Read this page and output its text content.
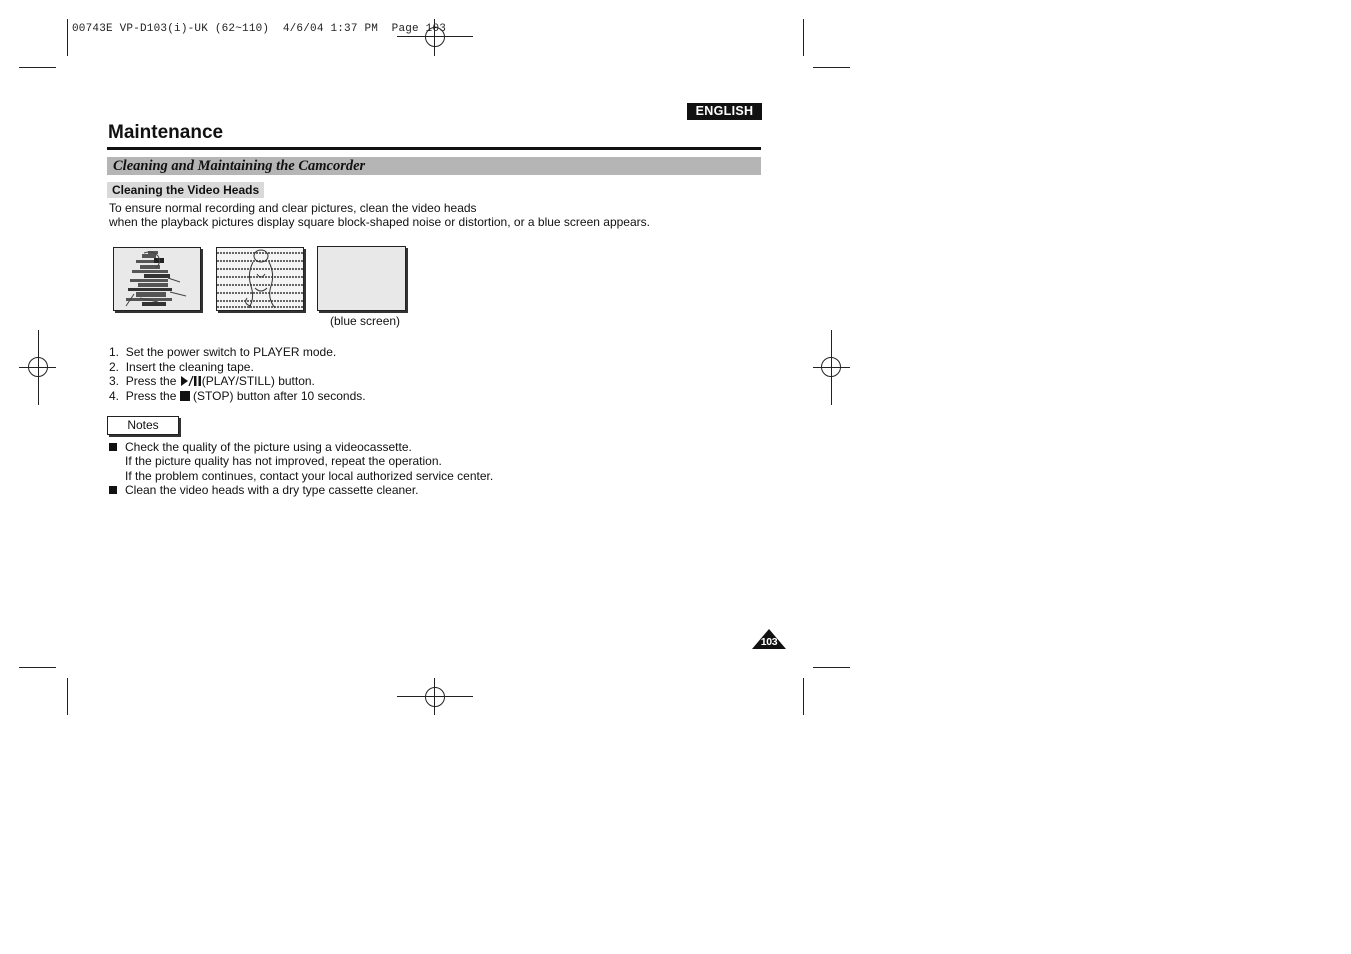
00743E VP-D103(i)-UK (62~110)  4/6/04 1:37 PM  Page 103
ENGLISH
Maintenance
Cleaning and Maintaining the Camcorder
Cleaning the Video Heads
To ensure normal recording and clear pictures, clean the video heads
when the playback pictures display square block-shaped noise or distortion, or a blue screen appears.
(blue screen)
1. Set the power switch to PLAYER mode.
2. Insert the cleaning tape.
3. Press the (PLAY/STILL) button.
4. Press the  (STOP) button after 10 seconds.
Notes
Check the quality of the picture using a videocassette.
If the picture quality has not improved, repeat the operation.
If the problem continues, contact your local authorized service center.
Clean the video heads with a dry type cassette cleaner.
103
